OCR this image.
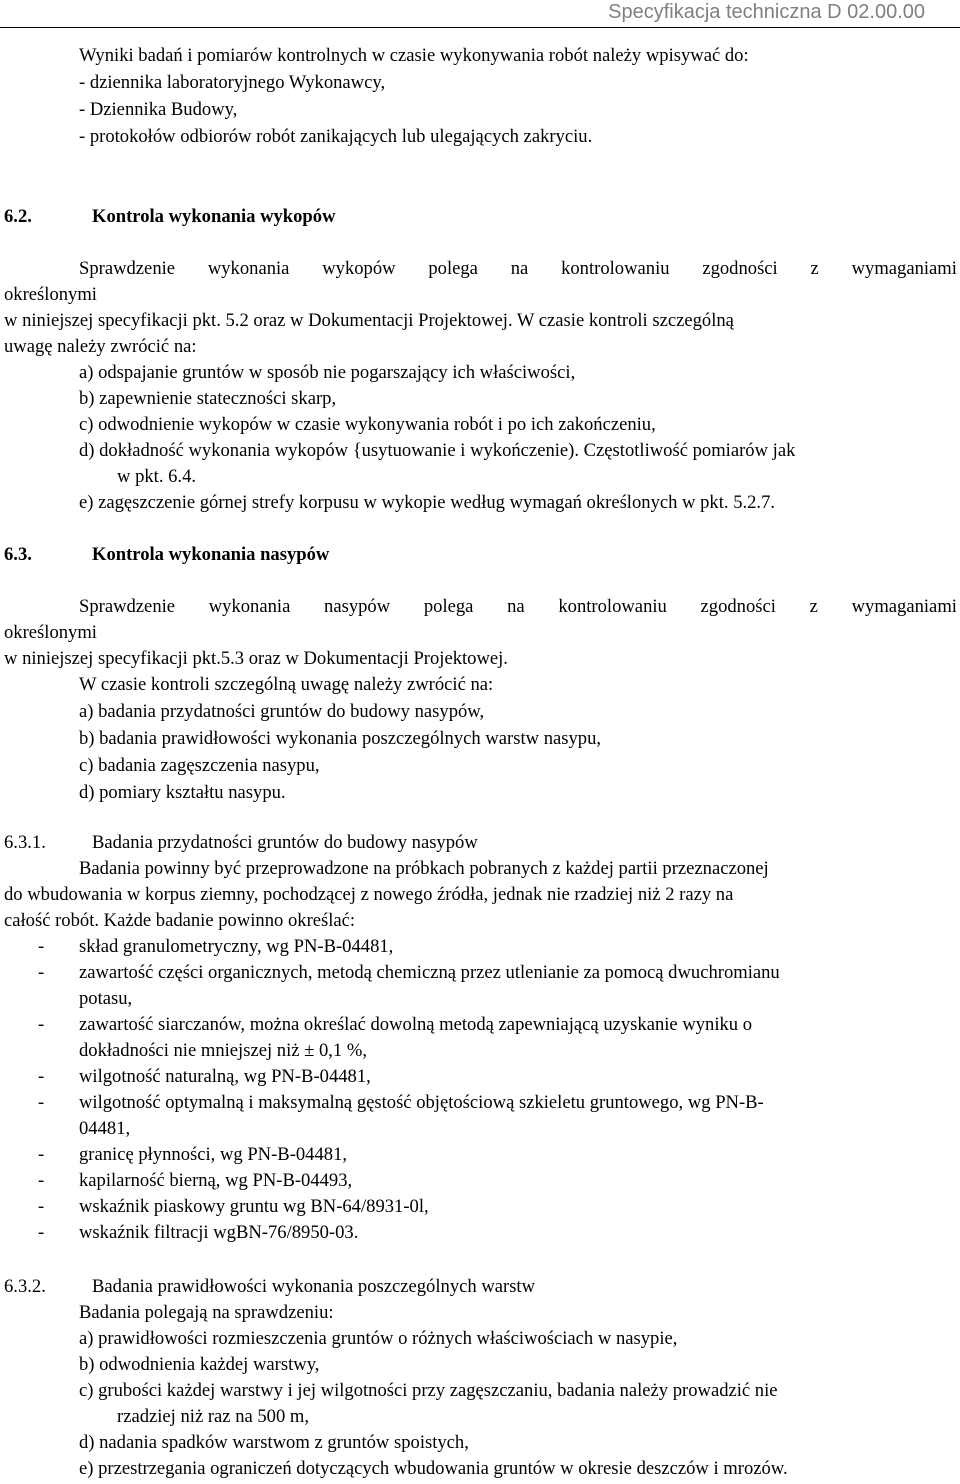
Specyfikacja techniczna D 02.00.00
Wyniki badań i pomiarów kontrolnych w czasie wykonywania robót należy wpisywać do:
- dziennika laboratoryjnego Wykonawcy,
- Dziennika Budowy,
- protokołów odbiorów robót zanikających lub ulegających zakryciu.
6.2.	Kontrola wykonania wykopów
Sprawdzenie wykonania wykopów polega na kontrolowaniu zgodności z wymaganiami
określonymi
w niniejszej specyfikacji pkt. 5.2 oraz w Dokumentacji Projektowej. W czasie kontroli szczególną
uwagę należy zwrócić na:
a) odspajanie gruntów w sposób nie pogarszający ich właściwości,
b) zapewnienie stateczności skarp,
c) odwodnienie wykopów w czasie wykonywania robót i po ich zakończeniu,
d) dokładność wykonania wykopów {usytuowanie i wykończenie). Częstotliwość pomiarów jak
w pkt. 6.4.
e) zagęszczenie górnej strefy korpusu w wykopie według wymagań określonych w pkt. 5.2.7.
6.3.	Kontrola wykonania nasypów
Sprawdzenie wykonania nasypów polega na kontrolowaniu zgodności z wymaganiami
określonymi
w niniejszej specyfikacji pkt.5.3 oraz w Dokumentacji Projektowej.
W czasie kontroli szczególną uwagę należy zwrócić na:
a) badania przydatności gruntów do budowy nasypów,
b) badania prawidłowości wykonania poszczególnych warstw nasypu,
c) badania zagęszczenia nasypu,
d) pomiary kształtu nasypu.
6.3.1. Badania przydatności gruntów do budowy nasypów
Badania powinny być przeprowadzone na próbkach pobranych z każdej partii przeznaczonej
do wbudowania w korpus ziemny, pochodzącej z nowego źródła, jednak nie rzadziej niż 2 razy na
całość robót. Każde badanie powinno określać:
- skład granulometryczny, wg PN-B-04481,
- zawartość części organicznych, metodą chemiczną przez utlenianie za pomocą dwuchromianu
potasu,
- zawartość siarczanów, można określać dowolną metodą zapewniającą uzyskanie wyniku o
dokładności nie mniejszej niż ± 0,1 %,
- wilgotność naturalną, wg PN-B-04481,
- wilgotność optymalną i maksymalną gęstość objętościową szkieletu gruntowego, wg PN-B-
04481,
- granicę płynności, wg PN-B-04481,
- kapilarność bierną, wg PN-B-04493,
- wskaźnik piaskowy gruntu wg BN-64/8931-0l,
- wskaźnik filtracji wgBN-76/8950-03.
6.3.2. Badania prawidłowości wykonania poszczególnych warstw
Badania polegają na sprawdzeniu:
a) prawidłowości rozmieszczenia gruntów o różnych właściwościach w nasypie,
b) odwodnienia każdej warstwy,
c) grubości każdej warstwy i jej wilgotności przy zagęszczaniu, badania należy prowadzić nie
rzadziej niż raz na 500 m,
d) nadania spadków warstwom z gruntów spoistych,
e) przestrzegania ograniczeń dotyczących wbudowania gruntów w okresie deszczów i mrozów.
